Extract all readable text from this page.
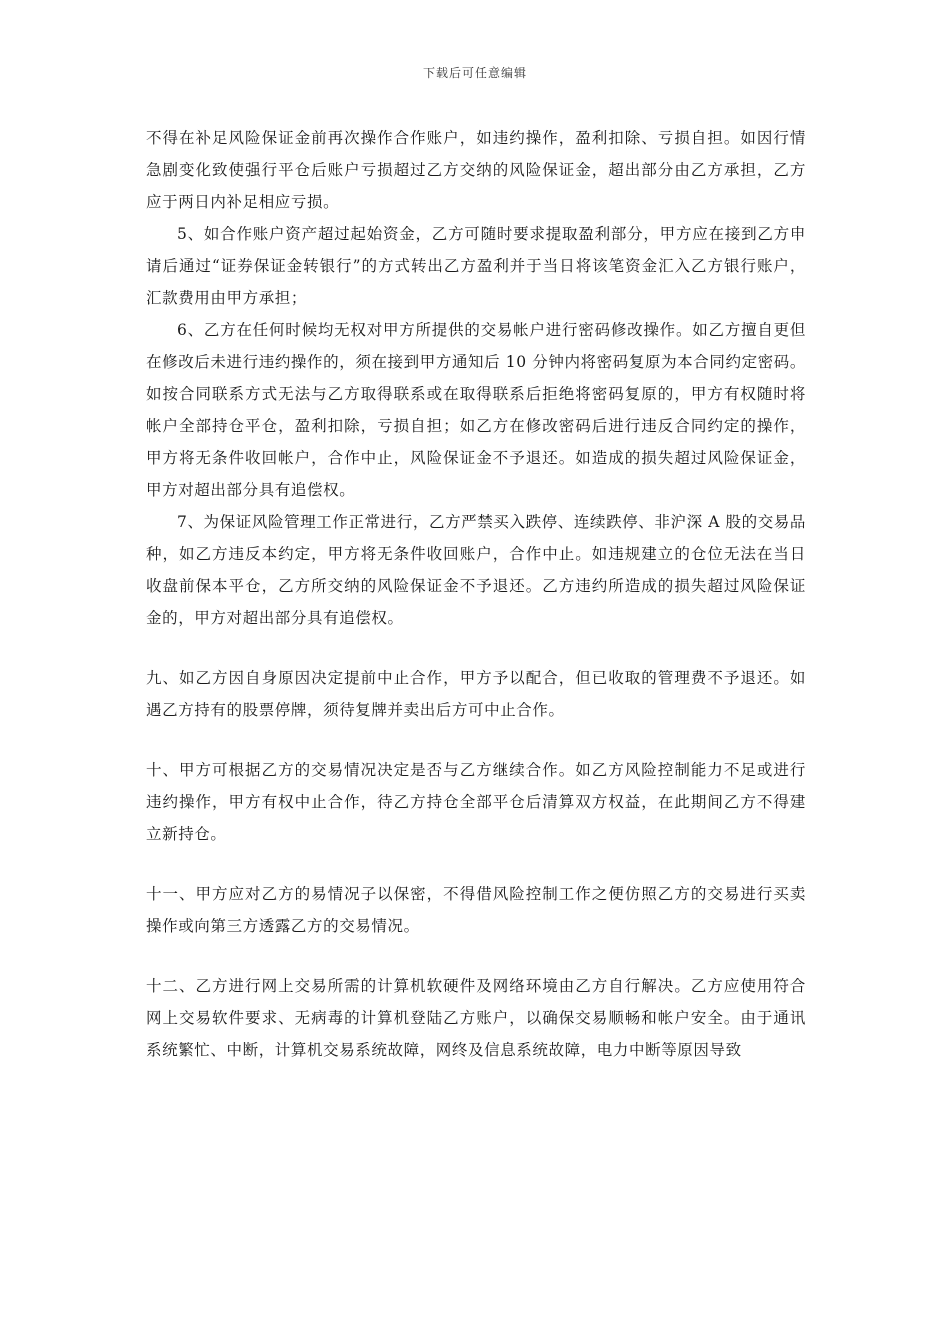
下载后可任意编辑

不得在补足风险保证金前再次操作合作账户，如违约操作，盈利扣除、亏损自担。如因行情急剧变化致使强行平仓后账户亏损超过乙方交纳的风险保证金，超出部分由乙方承担，乙方应于两日内补足相应亏损。

5、如合作账户资产超过起始资金，乙方可随时要求提取盈利部分，甲方应在接到乙方申请后通过“证券保证金转银行”的方式转出乙方盈利并于当日将该笔资金汇入乙方银行账户，汇款费用由甲方承担；

6、乙方在任何时候均无权对甲方所提供的交易帐户进行密码修改操作。如乙方擅自更但在修改后未进行违约操作的，须在接到甲方通知后 10 分钟内将密码复原为本合同约定密码。如按合同联系方式无法与乙方取得联系或在取得联系后拒绝将密码复原的，甲方有权随时将帐户全部持仓平仓，盈利扣除，亏损自担；如乙方在修改密码后进行违反合同约定的操作，甲方将无条件收回帐户，合作中止，风险保证金不予退还。如造成的损失超过风险保证金，甲方对超出部分具有追偿权。

7、为保证风险管理工作正常进行，乙方严禁买入跌停、连续跌停、非沪深 A 股的交易品种，如乙方违反本约定，甲方将无条件收回账户，合作中止。如违规建立的仓位无法在当日收盘前保本平仓，乙方所交纳的风险保证金不予退还。乙方违约所造成的损失超过风险保证金的，甲方对超出部分具有追偿权。

九、如乙方因自身原因决定提前中止合作，甲方予以配合，但已收取的管理费不予退还。如遇乙方持有的股票停牌，须待复牌并卖出后方可中止合作。

十、甲方可根据乙方的交易情况决定是否与乙方继续合作。如乙方风险控制能力不足或进行违约操作，甲方有权中止合作，待乙方持仓全部平仓后清算双方权益，在此期间乙方不得建立新持仓。

十一、甲方应对乙方的易情况子以保密，不得借风险控制工作之便仿照乙方的交易进行买卖操作或向第三方透露乙方的交易情况。

十二、乙方进行网上交易所需的计算机软硬件及网络环境由乙方自行解决。乙方应使用符合网上交易软件要求、无病毒的计算机登陆乙方账户，以确保交易顺畅和帐户安全。由于通讯系统繁忙、中断，计算机交易系统故障，网终及信息系统故障，电力中断等原因导致
